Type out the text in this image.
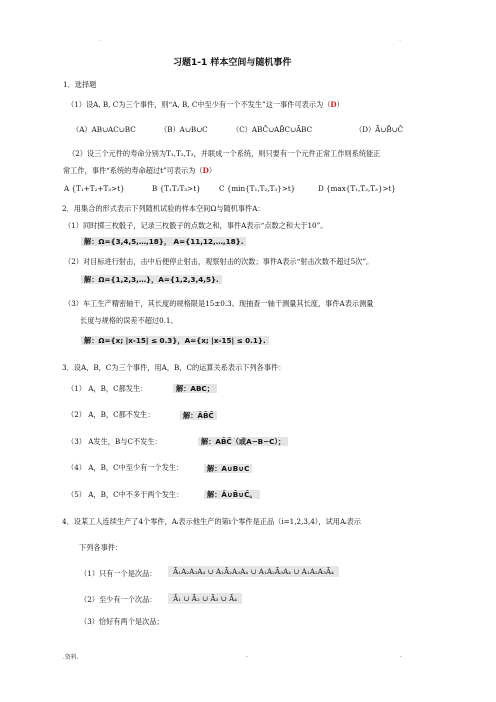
..	..
习题1-1 样本空间与随机事件
1．选择题
（1）设A, B, C为三个事件，则“A, B, C中至少有一个不发生”这一事件可表示为（D）
（A）AB∪AC∪BC	（B）A∪B∪C	（C）ABC̄∪AB̄C∪ĀBC	（D）Ā∪B̄∪C̄
（2）设三个元件的寿命分别为T₁,T₂,T₃，并联成一个系统，则只要有一个元件正常工作则系统能正
常工作，事件“系统的寿命超过t”可表示为（D）
A {T₁+T₂+T₃>t}	B {T₁T₂T₃>t}	C {min{T₁,T₂,T₃}>t}	D {max{T₁,T₂,T₃}>t}
2．用集合的形式表示下列随机试验的样本空间Ω与随机事件A：
（1）同时掷三枚骰子，记录三枚骰子的点数之和，事件A表示“点数之和大于10”。
解：Ω={3,4,5,…,18}， A={11,12,…,18}.
（2）对目标进行射击，击中后便停止射击，观察射击的次数；事件A表示“射击次数不超过5次”。
解：Ω={1,2,3,…}，A={1,2,3,4,5}.
（3）车工生产精密轴干，其长度的规格限是15±0.3。现抽查一轴干测量其长度，事件A表示测量
长度与规格的误差不超过0.1。
解：Ω={x; |x-15| ≤ 0.3}，A={x; |x-15| ≤ 0.1}.
3．设A，B，C为三个事件，用A，B，C的运算关系表示下列各事件：
（1） A，B，C都发生：	解：ABC；
（2） A，B，C都不发生：	解：ĀB̄C̄
（3） A发生，B与C不发生：	解：AB̄C̄（或A−B−C）；
（4） A，B，C中至少有一个发生：	解：A∪B∪C
（5） A，B，C中不多于两个发生：	解：Ā∪B̄∪C̄。
4．设某工人连续生产了4个零件，Aᵢ表示他生产的第i个零件是正品（i=1,2,3,4），试用Aᵢ表示
下列各事件：
（1）只有一个是次品：	Ā₁A₂A₃A₄ ∪ A₁Ā₂A₃A₄ ∪ A₁A₂Ā₃A₄ ∪ A₁A₂A₃Ā₄
（2）至少有一个次品：	Ā₁ ∪ Ā₂ ∪ Ā₃ ∪ Ā₄
（3）恰好有两个是次品；
.资料.	.	.
